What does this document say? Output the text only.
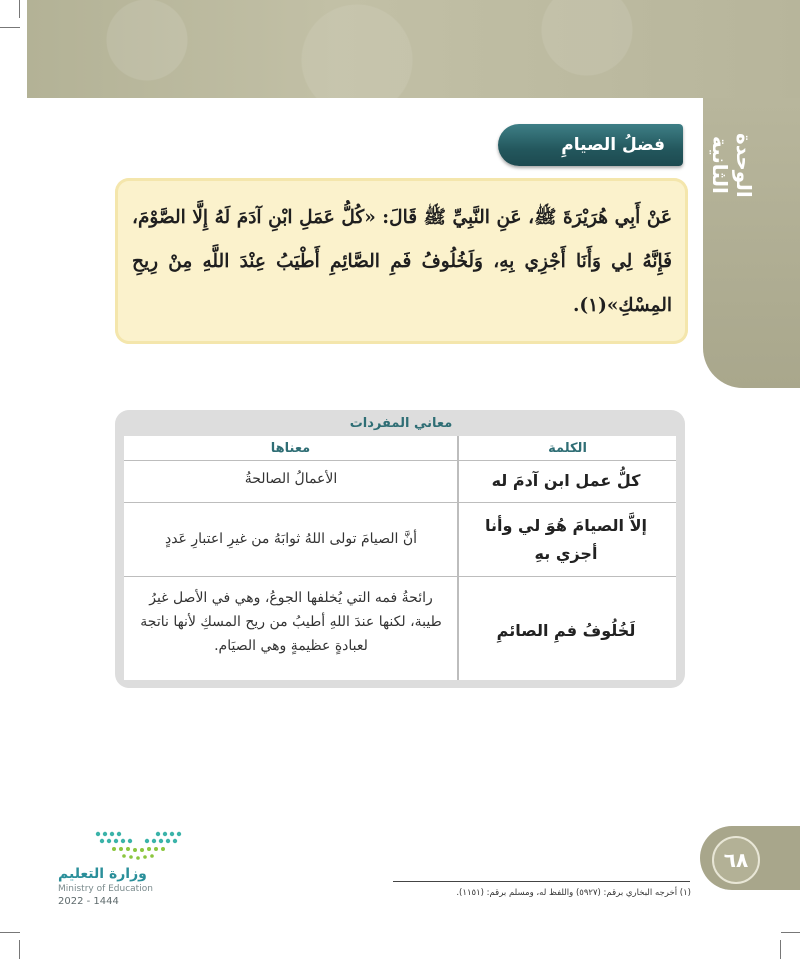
الوحدة الثانية
فضلُ الصيامِ
عَنْ أَبِي هُرَيْرَةَ ﷺ، عَنِ النَّبِيِّ ﷺ قَالَ: «كُلُّ عَمَلِ ابْنِ آدَمَ لَهُ إِلَّا الصَّوْمَ، فَإِنَّهُ لِي وَأَنَا أَجْزِي بِهِ، وَلَخُلُوفُ فَمِ الصَّائِمِ أَطْيَبُ عِنْدَ اللَّهِ مِنْ رِيحِ المِسْكِ»(١).
معاني المفردات
الكلمة
معناها
كلُّ عمل ابن آدمَ له
الأعمالُ الصالحةُ
إلاَّ الصيامَ هُوَ لي وأنا أجزي بهِ
أنَّ الصيامَ تولى اللهُ ثوابَهُ من غيرِ اعتبارِ عَددٍ
لَخُلُوفُ فمِ الصائمِ
رائحةُ فمه التي يُخلفها الجوعُ، وهي في الأصل غيرُ طيبة، لكنها عندَ اللهِ أطيبُ من ريح المسكِ لأنها ناتجة لعبادةٍ عظيمةٍ وهي الصيَام.
٦٨
(١) أخرجه البخاري برقم: (٥٩٢٧) واللفظ له، ومسلم برقم: (١١٥١).
وزارة التعليم
Ministry of Education
2022 - 1444
